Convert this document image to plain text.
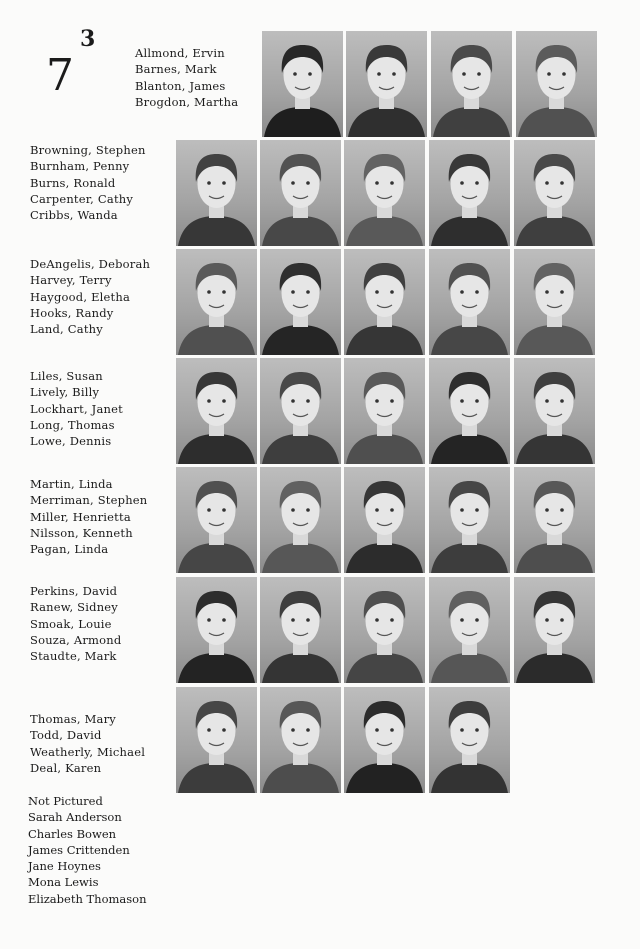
7
3
Allmond, Ervin
Barnes, Mark
Blanton, James
Brogdon, Martha
Browning, Stephen
Burnham, Penny
Burns, Ronald
Carpenter, Cathy
Cribbs, Wanda
DeAngelis, Deborah
Harvey, Terry
Haygood, Eletha
Hooks, Randy
Land, Cathy
Liles, Susan
Lively, Billy
Lockhart, Janet
Long, Thomas
Lowe, Dennis
Martin, Linda
Merriman, Stephen
Miller, Henrietta
Nilsson, Kenneth
Pagan, Linda
Perkins, David
Ranew, Sidney
Smoak, Louie
Souza, Armond
Staudte, Mark
Thomas, Mary
Todd, David
Weatherly, Michael
Deal, Karen
Not Pictured
Sarah Anderson
Charles Bowen
James Crittenden
Jane Hoynes
Mona Lewis
Elizabeth Thomason
